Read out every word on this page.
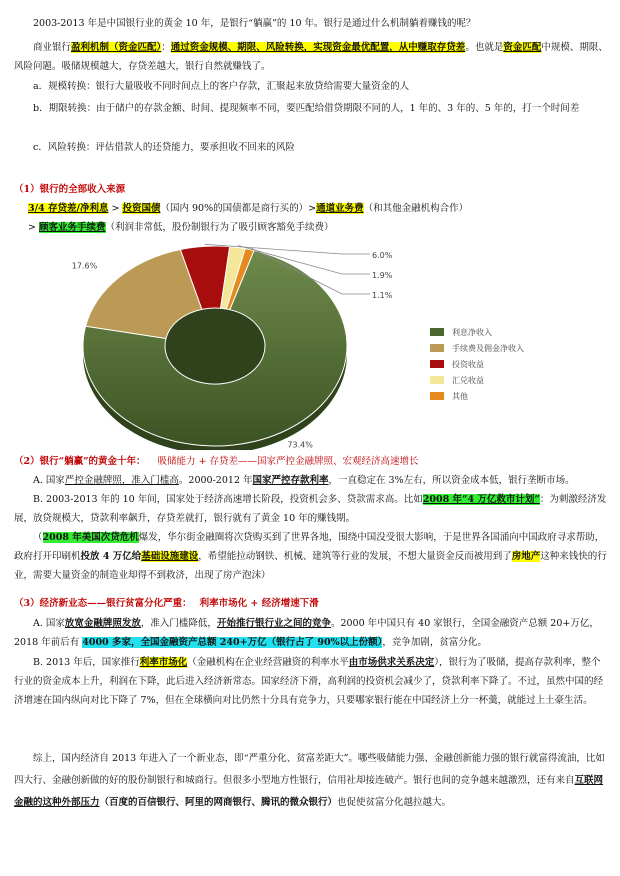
2003-2013 年是中国银行业的黄金 10 年，是银行“躺赢”的 10 年。银行是通过什么机制躺着赚钱的呢？

商业银行盈利机制（资金匹配）：通过资金规模、期限、风险转换，实现资金最优配置，从中赚取存贷差。也就是资金匹配中规模、期限、风险问题。吸储规模越大，存贷差越大，银行自然就赚钱了。

a．规模转换：银行大量吸收不同时间点上的客户存款，汇聚起来放贷给需要大量资金的人

b．期限转换：由于储户的存款金额、时间、提现频率不同，要匹配给借贷期限不同的人，1 年的、3 年的、5 年的，打一个时间差

c．风险转换：评估借款人的还贷能力，要承担收不回来的风险

（1）银行的全部收入来源

3/4 存贷差/净利息 > 投资国债（国内 90%的国债都是商行买的）>通道业务费（和其他金融机构合作）

> 顾客业务手续费（利润非常低，股份制银行为了吸引顾客豁免手续费）

73.4%
17.6%
6.0%
1.9%
1.1%
利息净收入
手续费及佣金净收入
投资收益
汇兑收益
其他

（2）银行“躺赢”的黄金十年： 吸储能力 + 存贷差——国家严控金融牌照、宏观经济高速增长

A. 国家严控金融牌照，准入门槛高。2000-2012 年国家严控存款利率，一直稳定在 3%左右，所以资金成本低，银行垄断市场。

B. 2003-2013 年的 10 年间，国家处于经济高速增长阶段，投资机会多、贷款需求高。比如2008 年“4 万亿救市计划”：为刺激经济发展，放贷规模大，贷款利率飙升，存贷差就打，银行就有了黄金 10 年的赚钱期。

（2008 年美国次贷危机爆发，华尔街金融圈将次贷购买到了世界各地，围绕中国没受很大影响，于是世界各国涌向中国政府寻求帮助，政府打开印刷机投放 4 万亿给基础设施建设，希望能拉动钢铁、机械、建筑等行业的发展，不想大量资金反而被用到了房地产这种来钱快的行业，需要大量资金的制造业却得不到救济，出现了房产泡沫）

（3）经济新业态——银行贫富分化严重： 利率市场化 + 经济增速下滑

A. 国家放宽金融牌照发放，准入门槛降低，开始推行银行业之间的竞争。2000 年中国只有 40 家银行，全国金融资产总额 20+万亿，2018 年前后有 4000 多家，全国金融资产总额 240+万亿（银行占了 90%以上份额），竞争加剧，贫富分化。

B. 2013 年后，国家推行利率市场化（金融机构在企业经营融资的利率水平由市场供求关系决定），银行为了吸储，提高存款利率，整个行业的资金成本上升，利润在下降，此后进入经济新常态。国家经济下滑，高利润的投资机会减少了，贷款利率下降了。不过，虽然中国的经济增速在国内纵向对比下降了 7%，但在全球横向对比仍然十分具有竞争力，只要哪家银行能在中国经济上分一杯羹，就能过上土豪生活。

综上，国内经济自 2013 年进入了一个新业态，即“严重分化、贫富差距大”。哪些吸储能力强、金融创新能力强的银行就富得流油，比如四大行、金融创新做的好的股份制银行和城商行。但很多小型地方性银行，信用社却接连破产。银行也间的竞争越来越激烈，还有来自互联网金融的这种外部压力（百度的百信银行、阿里的网商银行、腾讯的微众银行）也促使贫富分化越拉越大。
